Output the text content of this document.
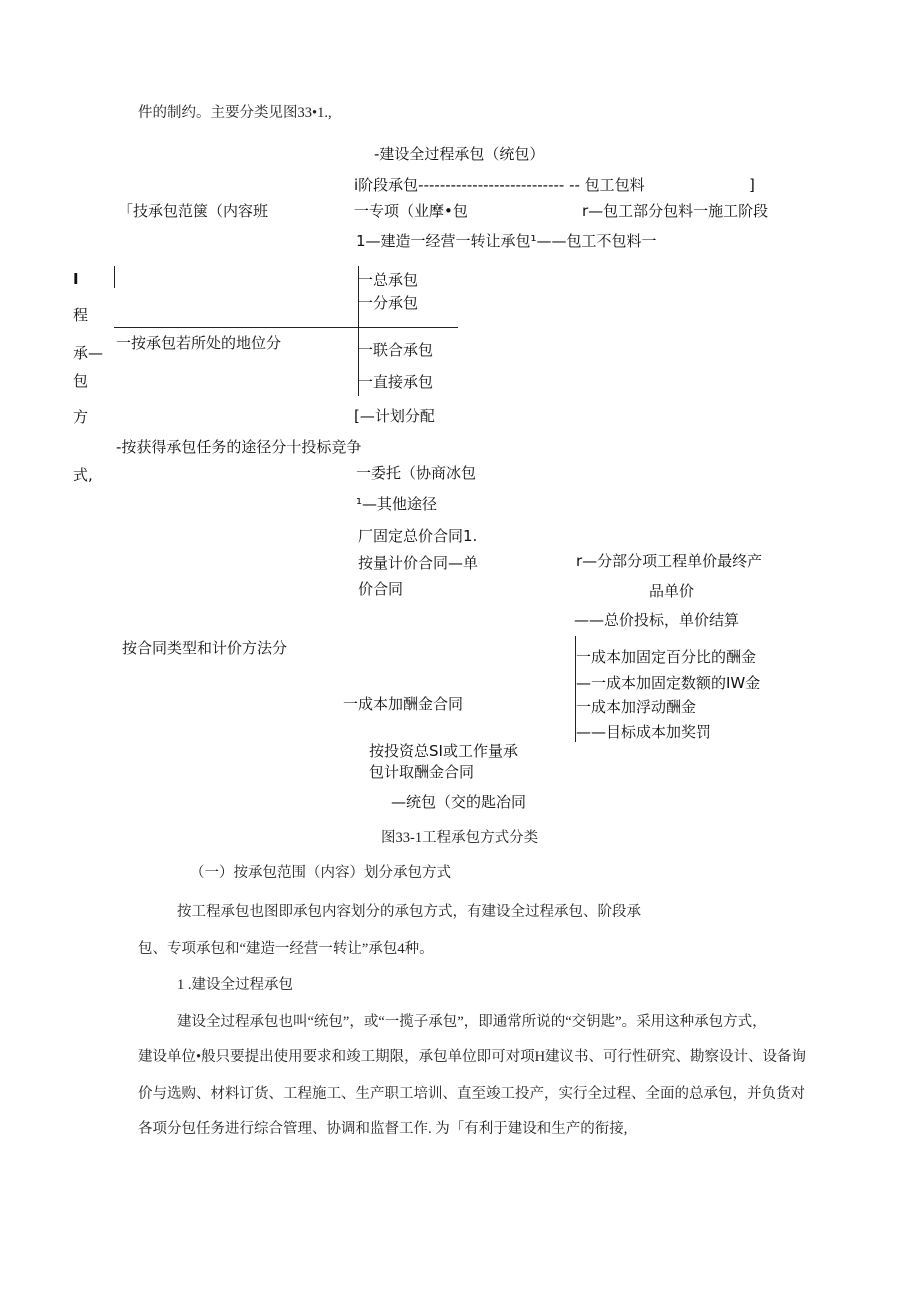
件的制约。主要分类见图33•1.,
I
程
承—
包
方
式,
-建设全过程承包（统包）
i阶段承包--------------------------- -- 包工包料	]
「技承包范箧（内容班	一专项（业摩•包	r—包工部分包料一施工阶段
1—建造一经营一转让承包¹——包工不包料一
一总承包
一分承包
一按承包若所处的地位分	一联合承包
一直接承包
[—计划分配
-按获得承包任务的途径分十投标竞争
一委托（协商冰包
¹—其他途径
厂固定总价合同1.
按量计价合同—单
价合同
r—分部分项工程单价最终产
品单价
——总价投标，单价结算
按合同类型和计价方法分	一成本加固定百分比的酬金
—一成本加固定数额的IW金
一成本加酬金合同	一成本加浮动酬金
——目标成本加奖罚
按投资总SI或工作量承
包计取酬金合同
—统包（交的匙冶同
图33-1工程承包方式分类
（一）按承包范围（内容）划分承包方式
按工程承包也图即承包内容划分的承包方式，有建设全过程承包、阶段承
包、专项承包和“建造一经营一转让”承包4种。
1 .建设全过程承包
建设全过程承包也叫“统包”，或“一揽子承包”，即通常所说的“交钥匙”。采用这种承包方式，
建设单位•般只要提出使用要求和竣工期限，承包单位即可对项H建议书、可行性研究、勘察设计、设备询
价与选购、材料订货、工程施工、生产职工培训、直至竣工投产，实行全过程、全面的总承包，并负货对
各项分包任务进行综合管理、协调和监督工作. 为「有利于建设和生产的衔接,
